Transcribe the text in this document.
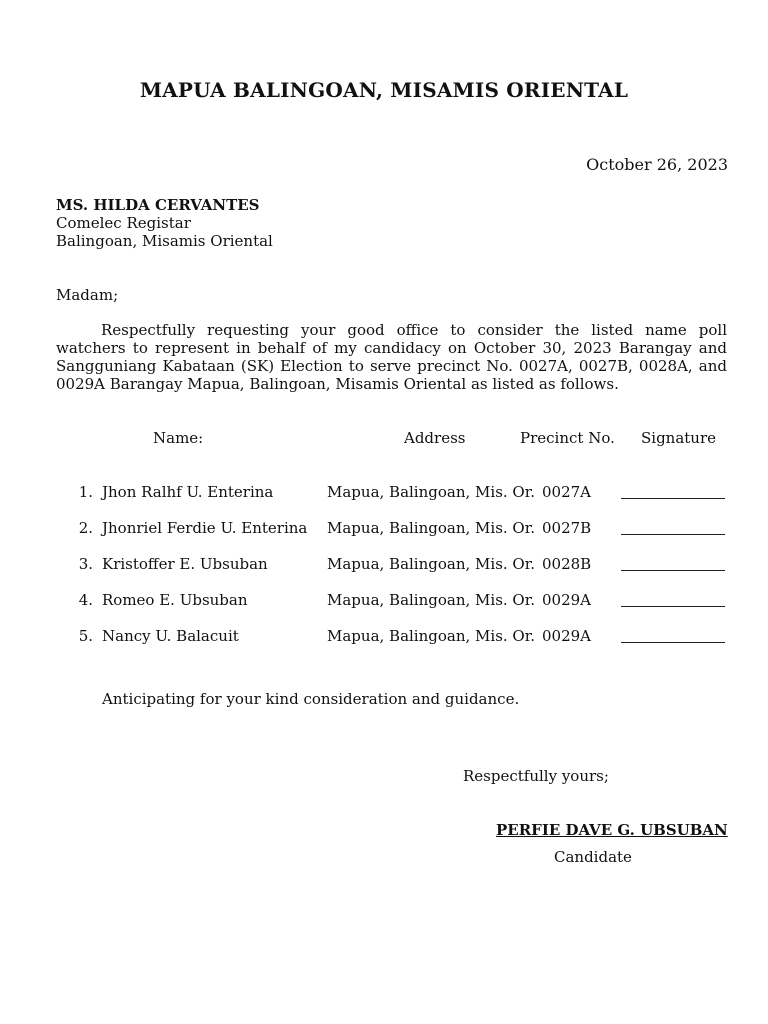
MAPUA BALINGOAN, MISAMIS ORIENTAL
October 26, 2023
MS. HILDA CERVANTES
Comelec Registar
Balingoan, Misamis Oriental
Madam;
Respectfully requesting your good office to consider the listed name poll watchers to represent in behalf of my candidacy on October 30, 2023 Barangay and Sangguniang Kabataan (SK) Election to serve precinct No. 0027A, 0027B, 0028A, and 0029A Barangay Mapua, Balingoan, Misamis Oriental as listed as follows.
Name:	Address	Precinct No. Signature
1. Jhon Ralhf U. Enterina	Mapua, Balingoan, Mis. Or. 0027A
2. Jhonriel Ferdie U. Enterina Mapua, Balingoan, Mis. Or. 0027B
3. Kristoffer E. Ubsuban	Mapua, Balingoan, Mis. Or. 0028B
4. Romeo E. Ubsuban	Mapua, Balingoan, Mis. Or. 0029A
5. Nancy U. Balacuit	Mapua, Balingoan, Mis. Or. 0029A
Anticipating for your kind consideration and guidance.
Respectfully yours;
PERFIE DAVE G. UBSUBAN
Candidate
